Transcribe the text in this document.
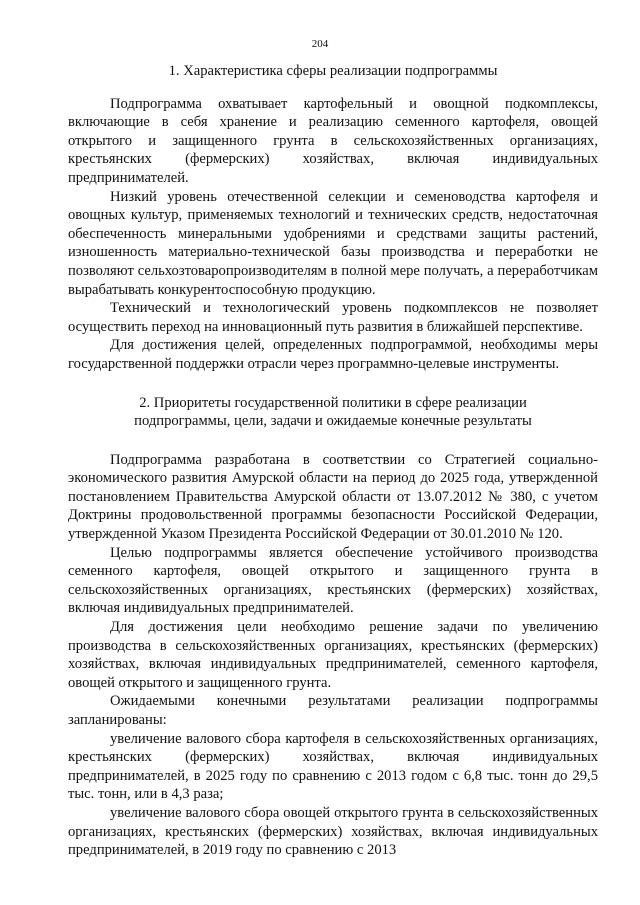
204
1. Характеристика сферы реализации подпрограммы

Подпрограмма охватывает картофельный и овощной подкомплексы, включающие в себя хранение и реализацию семенного картофеля, овощей открытого и защищенного грунта в сельскохозяйственных организациях, крестьянских (фермерских) хозяйствах, включая индивидуальных предпринимателей.

Низкий уровень отечественной селекции и семеноводства картофеля и овощных культур, применяемых технологий и технических средств, недостаточная обеспеченность минеральными удобрениями и средствами защиты растений, изношенность материально-технической базы производства и переработки не позволяют сельхозтоваропроизводителям в полной мере получать, а переработчикам вырабатывать конкурентоспособную продукцию.

Технический и технологический уровень подкомплексов не позволяет осуществить переход на инновационный путь развития в ближайшей перспективе.

Для достижения целей, определенных подпрограммой, необходимы меры государственной поддержки отрасли через программно-целевые инструменты.

2. Приоритеты государственной политики в сфере реализации
подпрограммы, цели, задачи и ожидаемые конечные результаты

Подпрограмма разработана в соответствии со Стратегией социально-экономического развития Амурской области на период до 2025 года, утвержденной постановлением Правительства Амурской области от 13.07.2012 № 380, с учетом Доктрины продовольственной программы безопасности Российской Федерации, утвержденной Указом Президента Российской Федерации от 30.01.2010 № 120.

Целью подпрограммы является обеспечение устойчивого производства семенного картофеля, овощей открытого и защищенного грунта в сельскохозяйственных организациях, крестьянских (фермерских) хозяйствах, включая индивидуальных предпринимателей.

Для достижения цели необходимо решение задачи по увеличению производства в сельскохозяйственных организациях, крестьянских (фермерских) хозяйствах, включая индивидуальных предпринимателей, семенного картофеля, овощей открытого и защищенного грунта.

Ожидаемыми конечными результатами реализации подпрограммы запланированы:

увеличение валового сбора картофеля в сельскохозяйственных организациях, крестьянских (фермерских) хозяйствах, включая индивидуальных предпринимателей, в 2025 году по сравнению с 2013 годом с 6,8 тыс. тонн до 29,5 тыс. тонн, или в 4,3 раза;

увеличение валового сбора овощей открытого грунта в сельскохозяйственных организациях, крестьянских (фермерских) хозяйствах, включая индивидуальных предпринимателей, в 2019 году по сравнению с 2013
